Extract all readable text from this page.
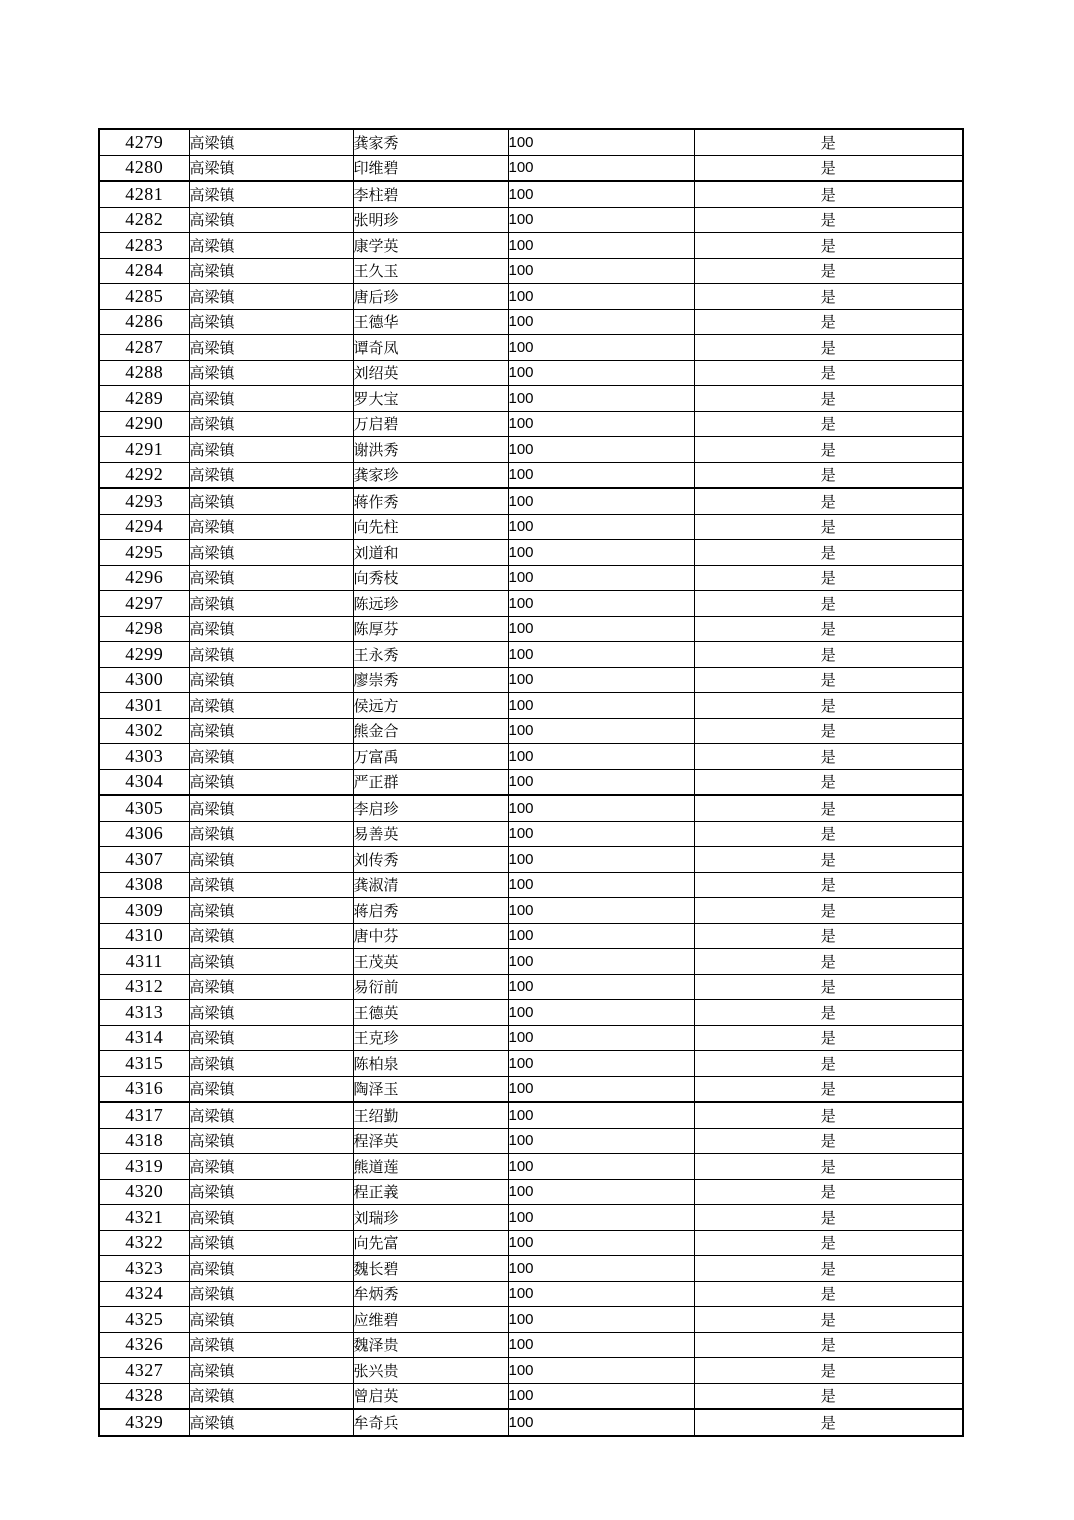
4279	高梁镇	龚家秀	100	是
4280	高梁镇	印维碧	100	是
4281	高梁镇	李柱碧	100	是
4282	高梁镇	张明珍	100	是
4283	高梁镇	康学英	100	是
4284	高梁镇	王久玉	100	是
4285	高梁镇	唐后珍	100	是
4286	高梁镇	王德华	100	是
4287	高梁镇	谭奇凤	100	是
4288	高梁镇	刘绍英	100	是
4289	高梁镇	罗大宝	100	是
4290	高梁镇	万启碧	100	是
4291	高梁镇	谢洪秀	100	是
4292	高梁镇	龚家珍	100	是
4293	高梁镇	蒋作秀	100	是
4294	高梁镇	向先柱	100	是
4295	高梁镇	刘道和	100	是
4296	高梁镇	向秀枝	100	是
4297	高梁镇	陈远珍	100	是
4298	高梁镇	陈厚芬	100	是
4299	高梁镇	王永秀	100	是
4300	高梁镇	廖崇秀	100	是
4301	高梁镇	侯远方	100	是
4302	高梁镇	熊金合	100	是
4303	高梁镇	万富禹	100	是
4304	高梁镇	严正群	100	是
4305	高梁镇	李启珍	100	是
4306	高梁镇	易善英	100	是
4307	高梁镇	刘传秀	100	是
4308	高梁镇	龚淑清	100	是
4309	高梁镇	蒋启秀	100	是
4310	高梁镇	唐中芬	100	是
4311	高梁镇	王茂英	100	是
4312	高梁镇	易衍前	100	是
4313	高梁镇	王德英	100	是
4314	高梁镇	王克珍	100	是
4315	高梁镇	陈柏泉	100	是
4316	高梁镇	陶泽玉	100	是
4317	高梁镇	王绍勤	100	是
4318	高梁镇	程泽英	100	是
4319	高梁镇	熊道莲	100	是
4320	高梁镇	程正義	100	是
4321	高梁镇	刘瑞珍	100	是
4322	高梁镇	向先富	100	是
4323	高梁镇	魏长碧	100	是
4324	高梁镇	牟炳秀	100	是
4325	高梁镇	应维碧	100	是
4326	高梁镇	魏泽贵	100	是
4327	高梁镇	张兴贵	100	是
4328	高梁镇	曾启英	100	是
4329	高梁镇	牟奇兵	100	是
